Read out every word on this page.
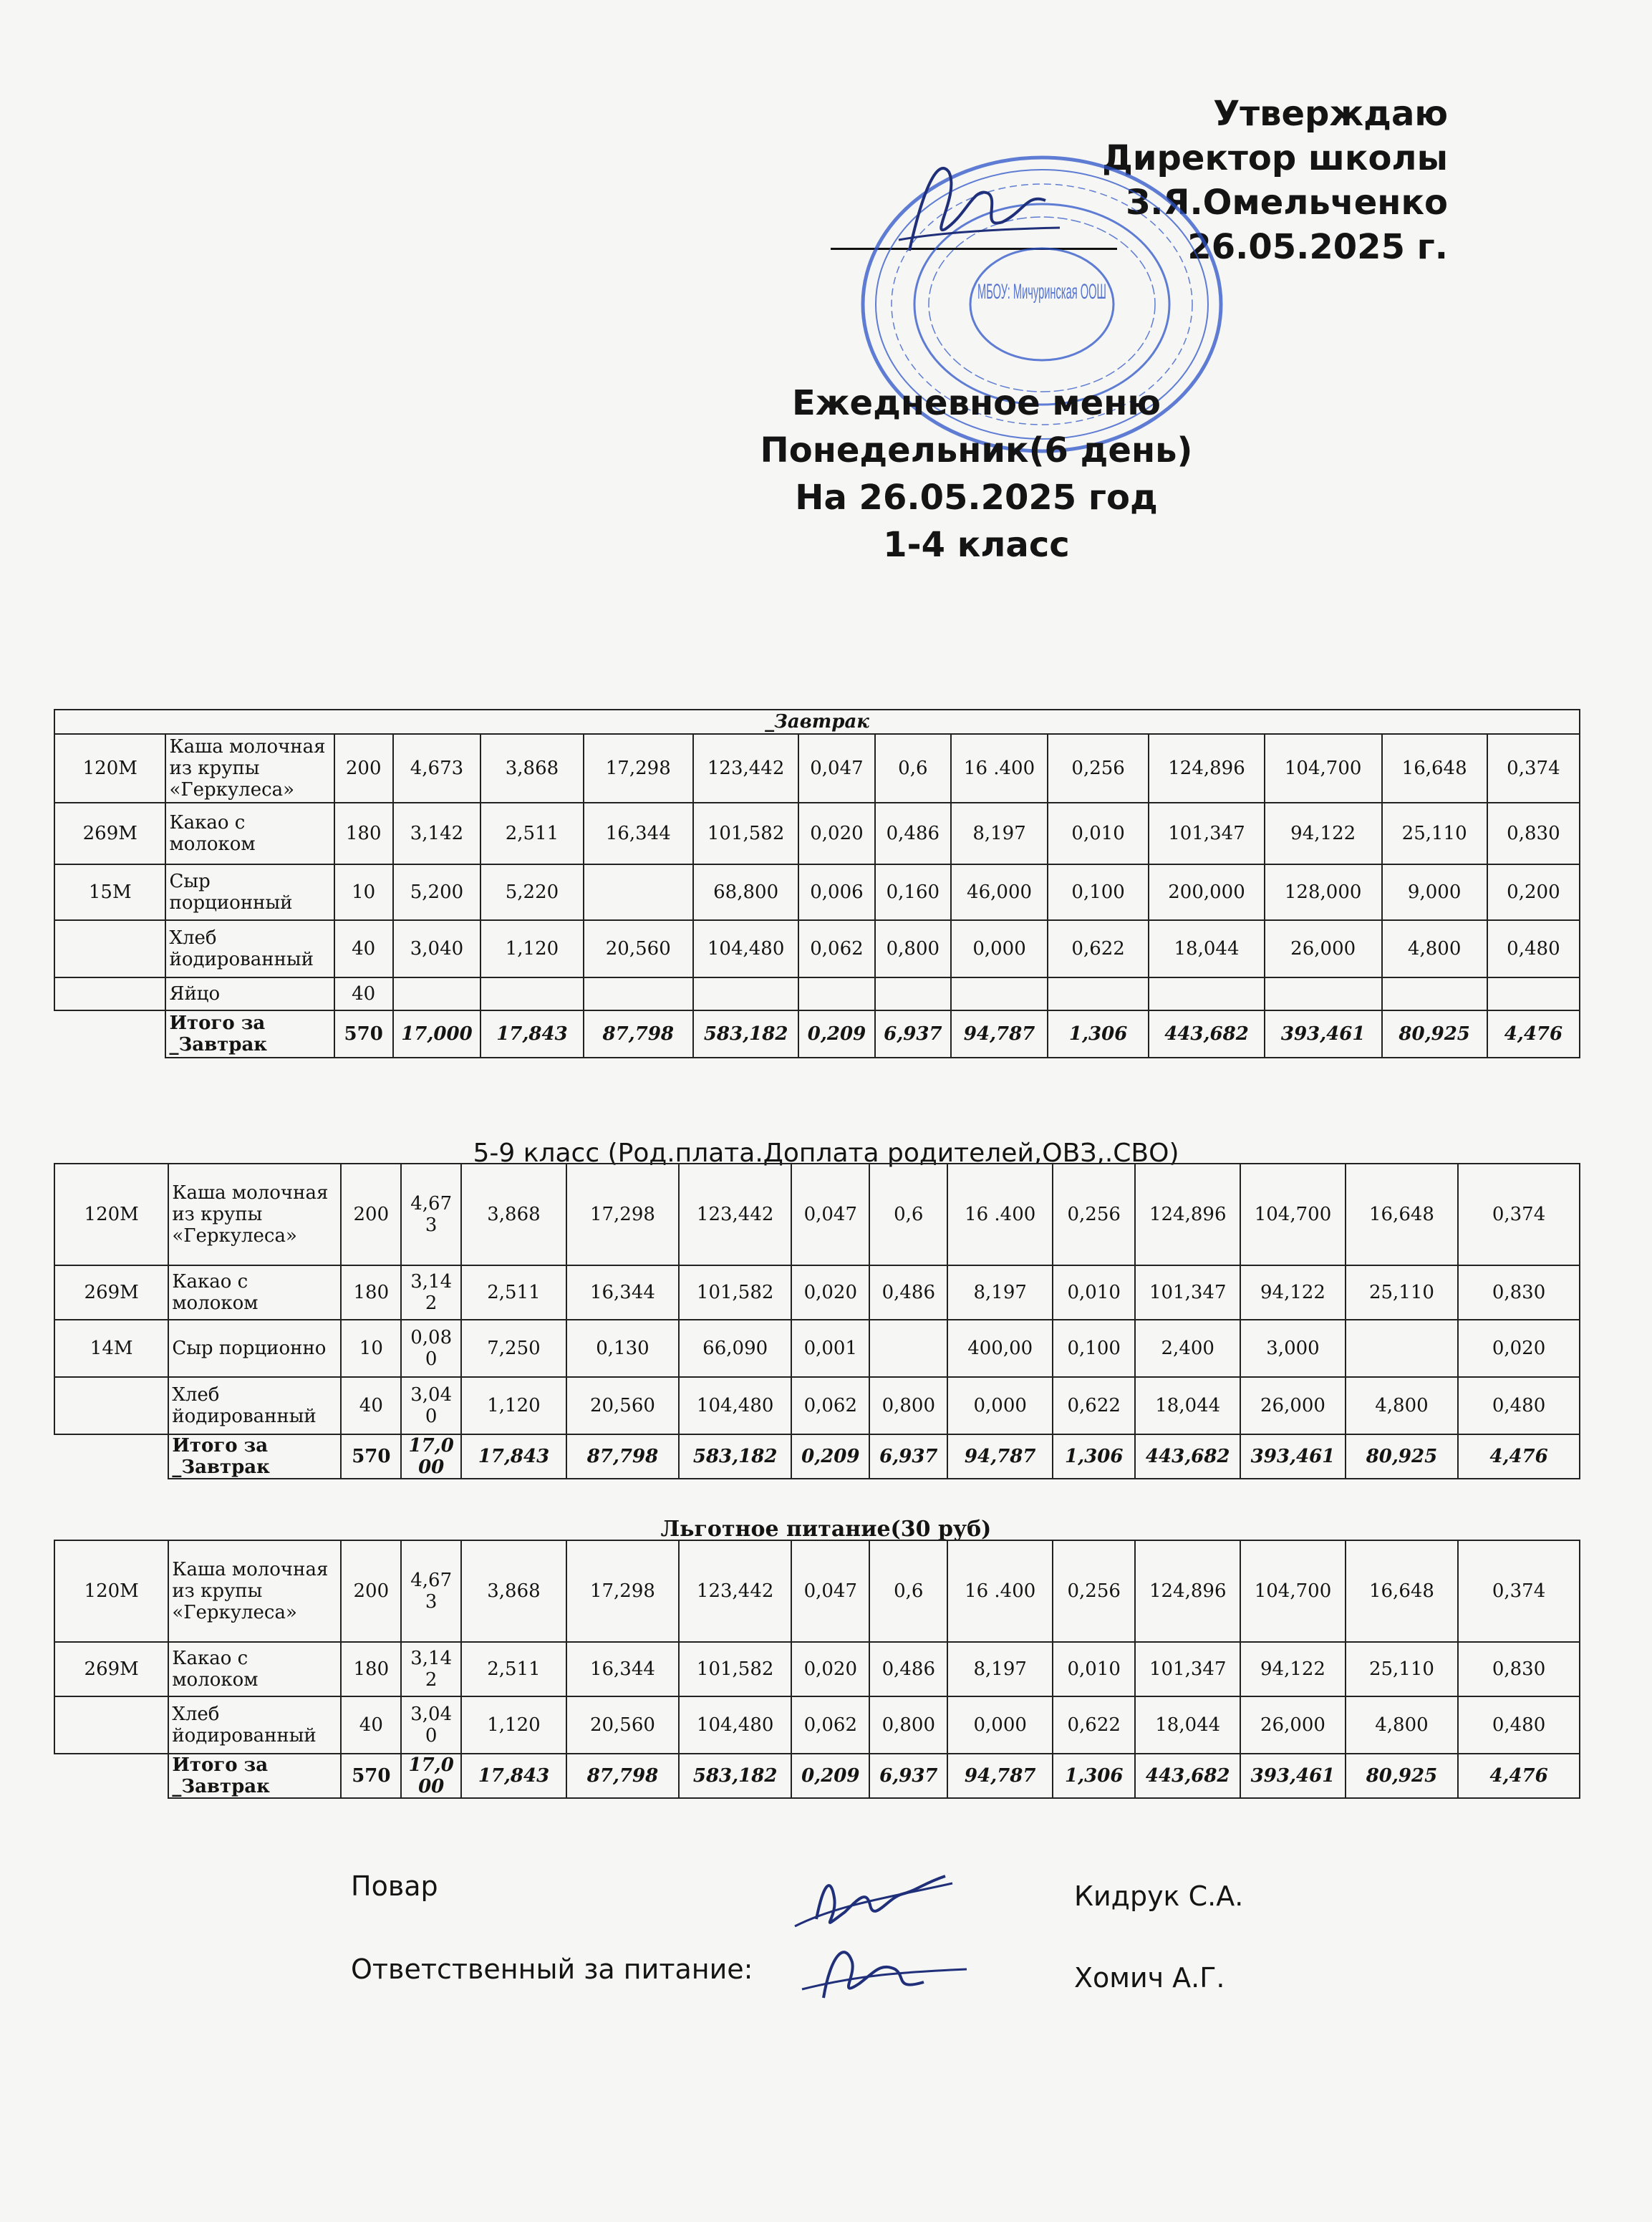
Утверждаю
Директор школы
З.Я.Омельченко
26.05.2025 г.
МБОУ: Мичуринская ООШ
Ежедневное меню
Понедельник(6 день)
На 26.05.2025 год
1-4 класс
_Завтрак														
120М	Каша молочная из крупы «Геркулеса»	200	4,673	3,868	17,298	123,442	0,047	0,6	16 .400	0,256	124,896	104,700	16,648	0,374
269М	Какао с молоком	180	3,142	2,511	16,344	101,582	0,020	0,486	8,197	0,010	101,347	94,122	25,110	0,830
15М	Сыр порционный	10	5,200	5,220		68,800	0,006	0,160	46,000	0,100	200,000	128,000	9,000	0,200
	Хлеб йодированный	40	3,040	1,120	20,560	104,480	0,062	0,800	0,000	0,622	18,044	26,000	4,800	0,480
	Яйцо	40												
	Итого за _Завтрак	570	17,000	17,843	87,798	583,182	0,209	6,937	94,787	1,306	443,682	393,461	80,925	4,476
5-9 класс (Род.плата.Доплата родителей,ОВЗ,.СВО)
120М	Каша молочная из крупы «Геркулеса»	200	4,673	3,868	17,298	123,442	0,047	0,6	16 .400	0,256	124,896	104,700	16,648	0,374
269М	Какао с молоком	180	3,142	2,511	16,344	101,582	0,020	0,486	8,197	0,010	101,347	94,122	25,110	0,830
14М	Сыр порционно	10	0,080	7,250	0,130	66,090	0,001		400,00	0,100	2,400	3,000		0,020
	Хлеб йодированный	40	3,040	1,120	20,560	104,480	0,062	0,800	0,000	0,622	18,044	26,000	4,800	0,480
	Итого за _Завтрак	570	17,000	17,843	87,798	583,182	0,209	6,937	94,787	1,306	443,682	393,461	80,925	4,476
Льготное питание(30 руб)
120М	Каша молочная из крупы «Геркулеса»	200	4,673	3,868	17,298	123,442	0,047	0,6	16 .400	0,256	124,896	104,700	16,648	0,374
269М	Какао с молоком	180	3,142	2,511	16,344	101,582	0,020	0,486	8,197	0,010	101,347	94,122	25,110	0,830
	Хлеб йодированный	40	3,040	1,120	20,560	104,480	0,062	0,800	0,000	0,622	18,044	26,000	4,800	0,480
	Итого за _Завтрак	570	17,000	17,843	87,798	583,182	0,209	6,937	94,787	1,306	443,682	393,461	80,925	4,476
Повар	Кидрук С.А.
Ответственный за питание:	Хомич А.Г.
